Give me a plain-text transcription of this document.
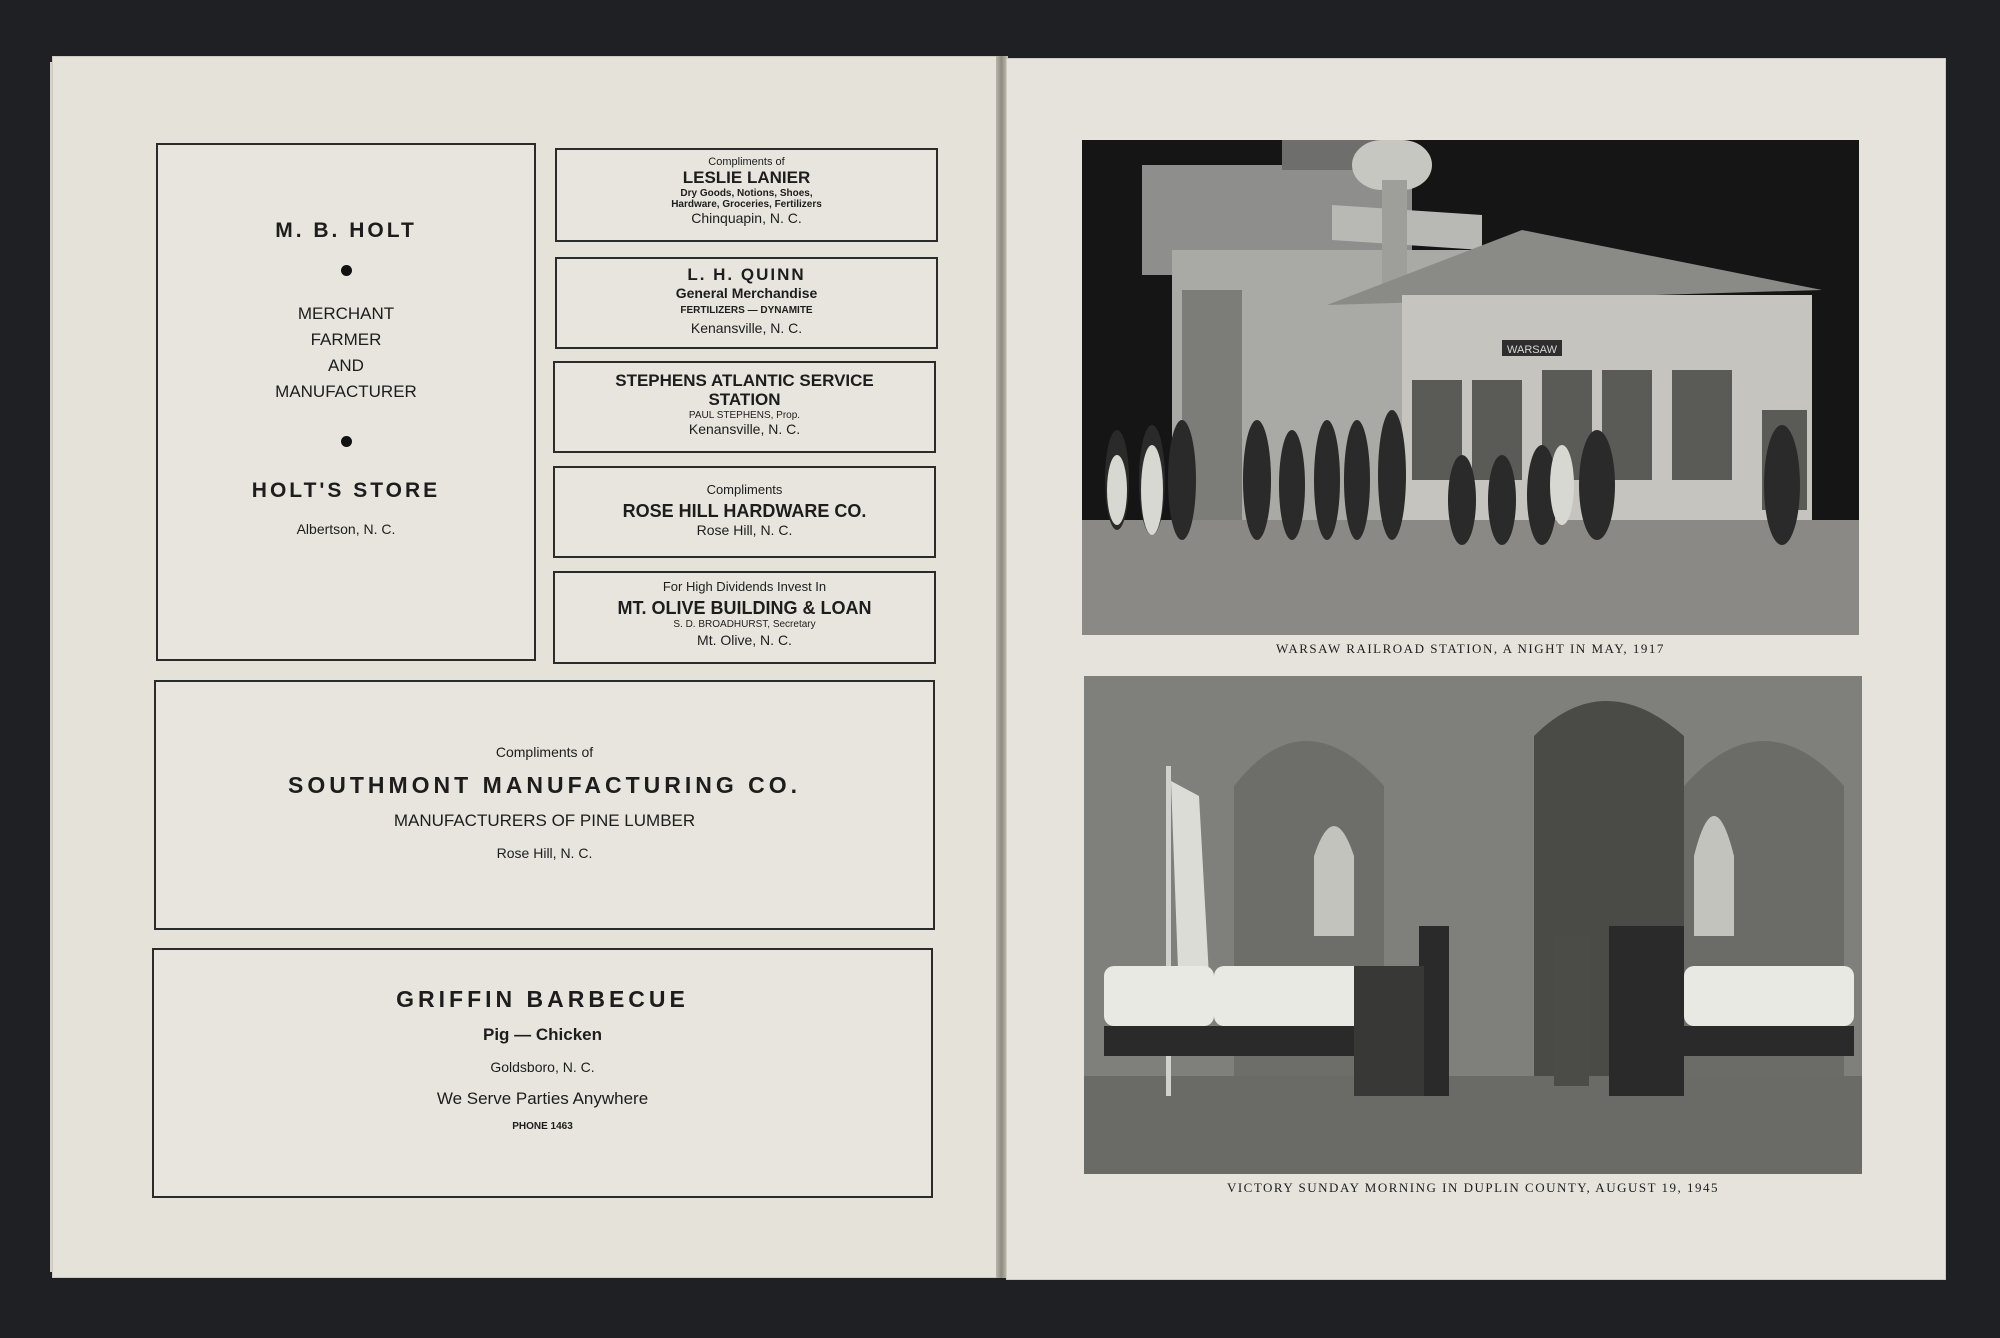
M. B. HOLT
MERCHANT
FARMER
AND
MANUFACTURER
HOLT'S STORE
Albertson, N. C.
Compliments of
LESLIE LANIER
Dry Goods, Notions, Shoes,
Hardware, Groceries, Fertilizers
Chinquapin, N. C.
L. H. QUINN
General Merchandise
FERTILIZERS — DYNAMITE
Kenansville, N. C.
STEPHENS ATLANTIC SERVICE
STATION
PAUL STEPHENS, Prop.
Kenansville, N. C.
Compliments
ROSE HILL HARDWARE CO.
Rose Hill, N. C.
For High Dividends Invest In
MT. OLIVE BUILDING & LOAN
S. D. BROADHURST, Secretary
Mt. Olive, N. C.
Compliments of
SOUTHMONT MANUFACTURING CO.
MANUFACTURERS OF PINE LUMBER
Rose Hill, N. C.
GRIFFIN BARBECUE
Pig — Chicken
Goldsboro, N. C.
We Serve Parties Anywhere
PHONE 1463
WARSAW
WARSAW RAILROAD STATION, A NIGHT IN MAY, 1917
VICTORY SUNDAY MORNING IN DUPLIN COUNTY, AUGUST 19, 1945
